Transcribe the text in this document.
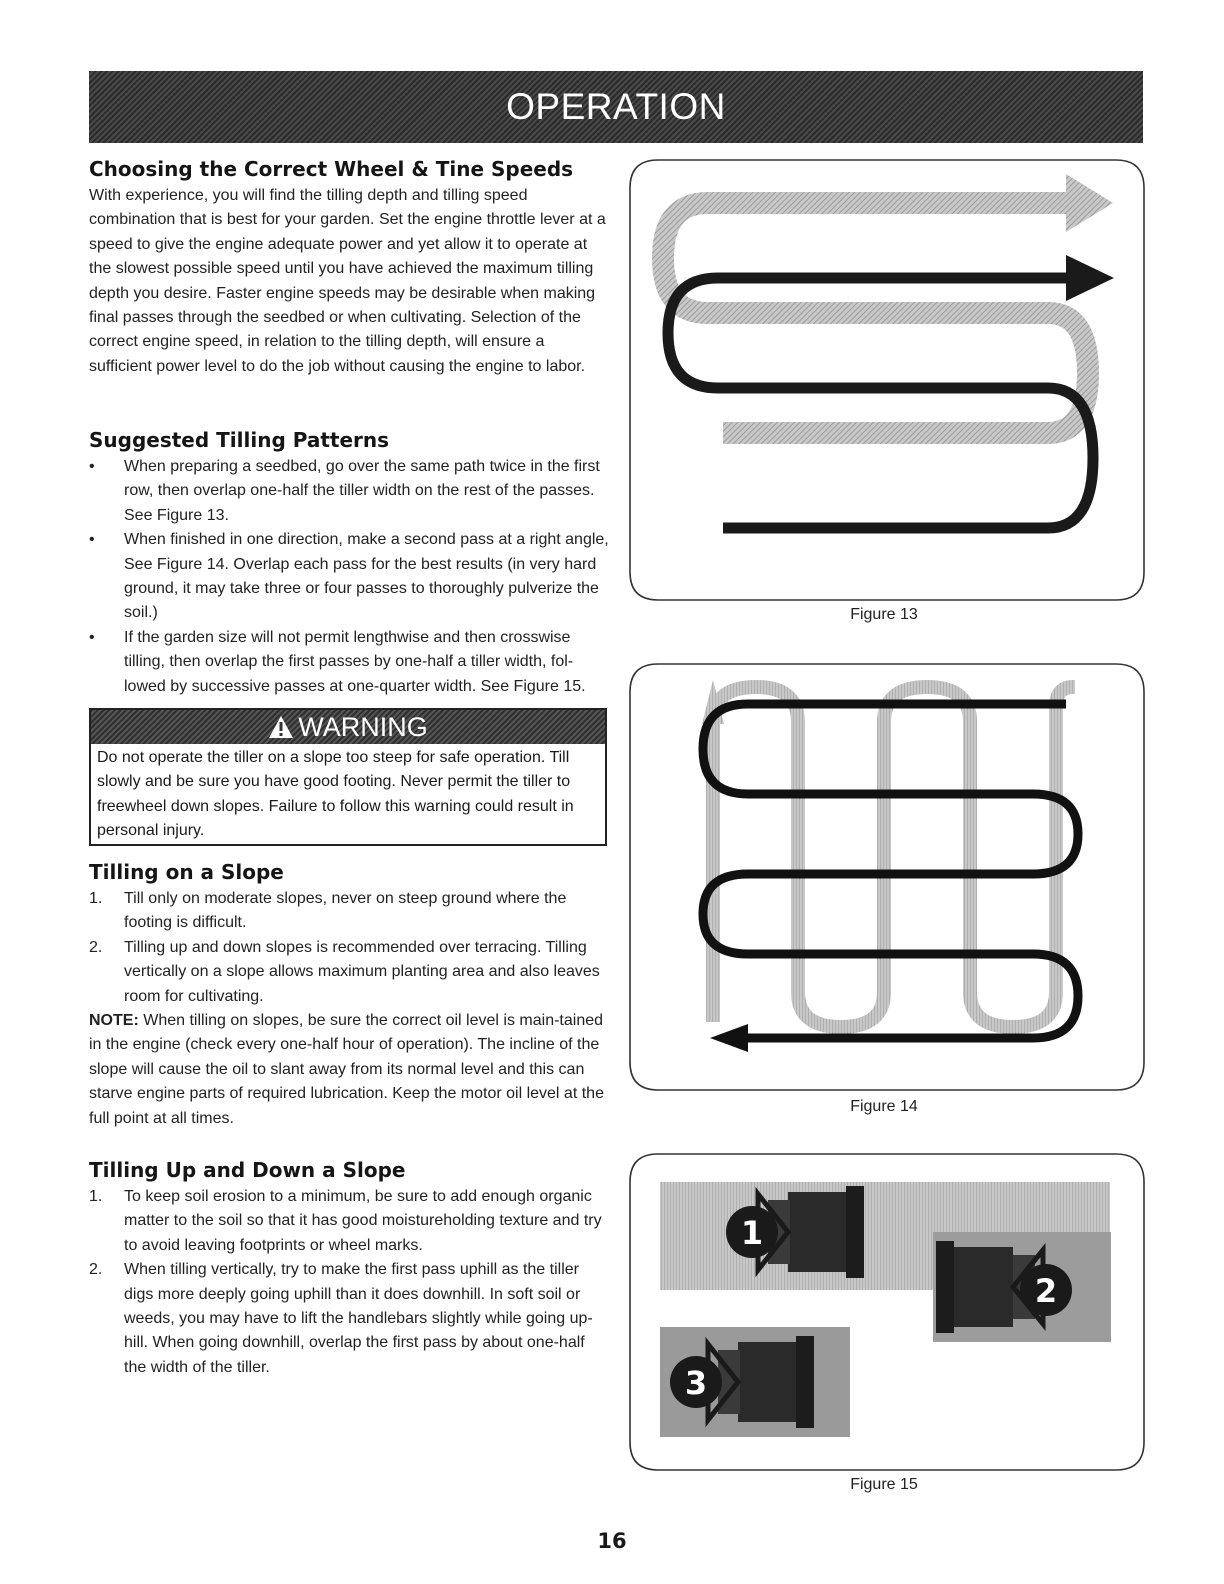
OPERATION
Choosing the Correct Wheel & Tine Speeds

With experience, you will find the tilling depth and tilling speed combination that is best for your garden. Set the engine throttle lever at a speed to give the engine adequate power and yet allow it to operate at the slowest possible speed until you have achieved the maximum tilling depth you desire. Faster engine speeds may be desirable when making final passes through the seedbed or when cultivating. Selection of the correct engine speed, in relation to the tilling depth, will ensure a sufficient power level to do the job without causing the engine to labor.

Suggested Tilling Patterns
• When preparing a seedbed, go over the same path twice in the first row, then overlap one-half the tiller width on the rest of the passes. See Figure 13.
• When finished in one direction, make a second pass at a right angle, See Figure 14. Overlap each pass for the best results (in very hard ground, it may take three or four passes to thoroughly pulverize the soil.)
• If the garden size will not permit lengthwise and then crosswise tilling, then overlap the first passes by one-half a tiller width, fol-lowed by successive passes at one-quarter width. See Figure 15.
WARNING
Do not operate the tiller on a slope too steep for safe operation. Till slowly and be sure you have good footing. Never permit the tiller to freewheel down slopes. Failure to follow this warning could result in personal injury.
Tilling on a Slope
1. Till only on moderate slopes, never on steep ground where the footing is difficult.
2. Tilling up and down slopes is recommended over terracing. Tilling vertically on a slope allows maximum planting area and also leaves room for cultivating.

NOTE: When tilling on slopes, be sure the correct oil level is main-tained in the engine (check every one-half hour of operation). The incline of the slope will cause the oil to slant away from its normal level and this can starve engine parts of required lubrication. Keep the motor oil level at the full point at all times.

Tilling Up and Down a Slope
1. To keep soil erosion to a minimum, be sure to add enough organic matter to the soil so that it has good moistureholding texture and try to avoid leaving footprints or wheel marks.
2. When tilling vertically, try to make the first pass uphill as the tiller digs more deeply going uphill than it does downhill. In soft soil or weeds, you may have to lift the handlebars slightly while going up-hill. When going downhill, overlap the first pass by about one-half the width of the tiller.
Figure 13
Figure 14
1
2
3
Figure 15
16
